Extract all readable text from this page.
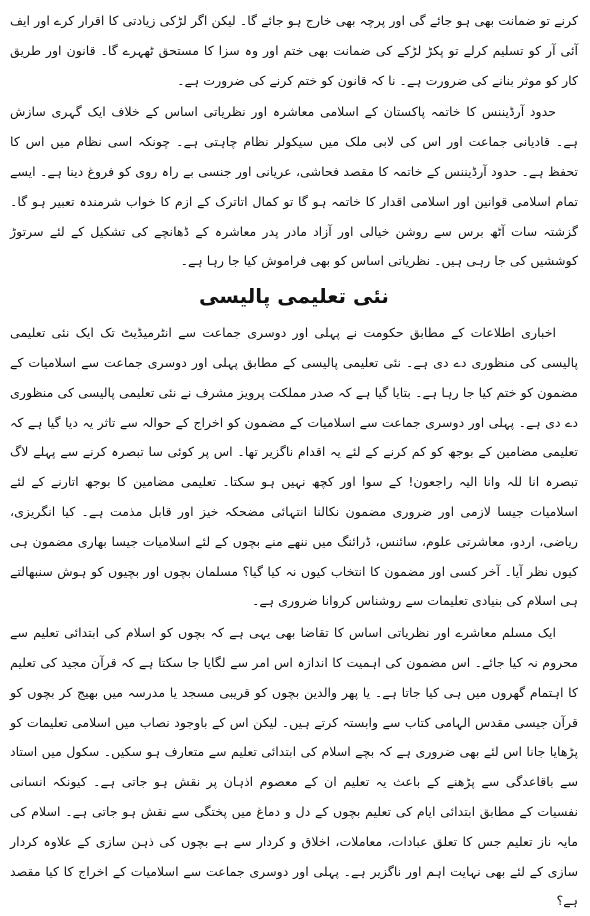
کرنے تو ضمانت بھی ہو جائے گی اور پرچہ بھی خارج ہو جائے گا۔ لیکن اگر لڑکی زیادتی کا اقرار کرے اور ایف آئی آر کو تسلیم کرلے تو پکڑ لڑکے کی ضمانت بھی ختم اور وہ سزا کا مستحق ٹھہرے گا۔ قانون اور طریق کار کو موثر بنانے کی ضرورت ہے۔ نا کہ قانون کو ختم کرنے کی ضرورت ہے۔

حدود آرڈیننس کا خاتمہ پاکستان کے اسلامی معاشرہ اور نظریاتی اساس کے خلاف ایک گہری سازش ہے۔ قادیانی جماعت اور اس کی لابی ملک میں سیکولر نظام چاہتی ہے۔ چونکہ اسی نظام میں اس کا تحفظ ہے۔ حدود آرڈیننس کے خاتمہ کا مقصد فحاشی، عریانی اور جنسی بے راہ روی کو فروغ دینا ہے۔ ایسے تمام اسلامی قوانین اور اسلامی اقدار کا خاتمہ ہو گا تو کمال اتاترک کے ازم کا خواب شرمندہ تعبیر ہو گا۔ گزشتہ سات آٹھ برس سے روشن خیالی اور آزاد مادر پدر معاشرہ کے ڈھانچے کی تشکیل کے لئے سرتوڑ کوششیں کی جا رہی ہیں۔ نظریاتی اساس کو بھی فراموش کیا جا رہا ہے۔

نئی تعلیمی پالیسی

اخباری اطلاعات کے مطابق حکومت نے پہلی اور دوسری جماعت سے انٹرمیڈیٹ تک ایک نئی تعلیمی پالیسی کی منظوری دے دی ہے۔ نئی تعلیمی پالیسی کے مطابق پہلی اور دوسری جماعت سے اسلامیات کے مضمون کو ختم کیا جا رہا ہے۔ بتایا گیا ہے کہ صدر مملکت پرویز مشرف نے نئی تعلیمی پالیسی کی منظوری دے دی ہے۔ پہلی اور دوسری جماعت سے اسلامیات کے مضمون کو اخراج کے حوالہ سے تاثر یہ دیا گیا ہے کہ تعلیمی مضامین کے بوجھ کو کم کرنے کے لئے یہ اقدام ناگزیر تھا۔ اس پر کوئی سا تبصرہ کرنے سے پہلے لاگ تبصرہ انا للہ وانا الیہ راجعون! کے سوا اور کچھ نہیں ہو سکتا۔ تعلیمی مضامین کا بوجھ اتارنے کے لئے اسلامیات جیسا لازمی اور ضروری مضمون نکالنا انتہائی مضحکہ خیز اور قابل مذمت ہے۔ کیا انگریزی، ریاضی، اردو، معاشرتی علوم، سائنس، ڈرائنگ میں ننھے منے بچوں کے لئے اسلامیات جیسا بھاری مضمون ہی کیوں نظر آیا۔ آخر کسی اور مضمون کا انتخاب کیوں نہ کیا گیا؟ مسلمان بچوں اور بچیوں کو ہوش سنبھالتے ہی اسلام کی بنیادی تعلیمات سے روشناس کروانا ضروری ہے۔

ایک مسلم معاشرے اور نظریاتی اساس کا تقاضا بھی یہی ہے کہ بچوں کو اسلام کی ابتدائی تعلیم سے محروم نہ کیا جائے۔ اس مضمون کی اہمیت کا اندازہ اس امر سے لگایا جا سکتا ہے کہ قرآن مجید کی تعلیم کا اہتمام گھروں میں ہی کیا جاتا ہے۔ یا پھر والدین بچوں کو قریبی مسجد یا مدرسہ میں بھیج کر بچوں کو قرآن جیسی مقدس الہامی کتاب سے وابستہ کرتے ہیں۔ لیکن اس کے باوجود نصاب میں اسلامی تعلیمات کو پڑھایا جانا اس لئے بھی ضروری ہے کہ بچے اسلام کی ابتدائی تعلیم سے متعارف ہو سکیں۔ سکول میں استاد سے باقاعدگی سے پڑھنے کے باعث یہ تعلیم ان کے معصوم اذہان پر نقش ہو جاتی ہے۔ کیونکہ انسانی نفسیات کے مطابق ابتدائی ایام کی تعلیم بچوں کے دل و دماغ میں پختگی سے نقش ہو جاتی ہے۔ اسلام کی مایہ ناز تعلیم جس کا تعلق عبادات، معاملات، اخلاق و کردار سے ہے بچوں کی ذہن سازی کے علاوہ کردار سازی کے لئے بھی نہایت اہم اور ناگزیر ہے۔ پہلی اور دوسری جماعت سے اسلامیات کے اخراج کا کیا مقصد ہے؟
